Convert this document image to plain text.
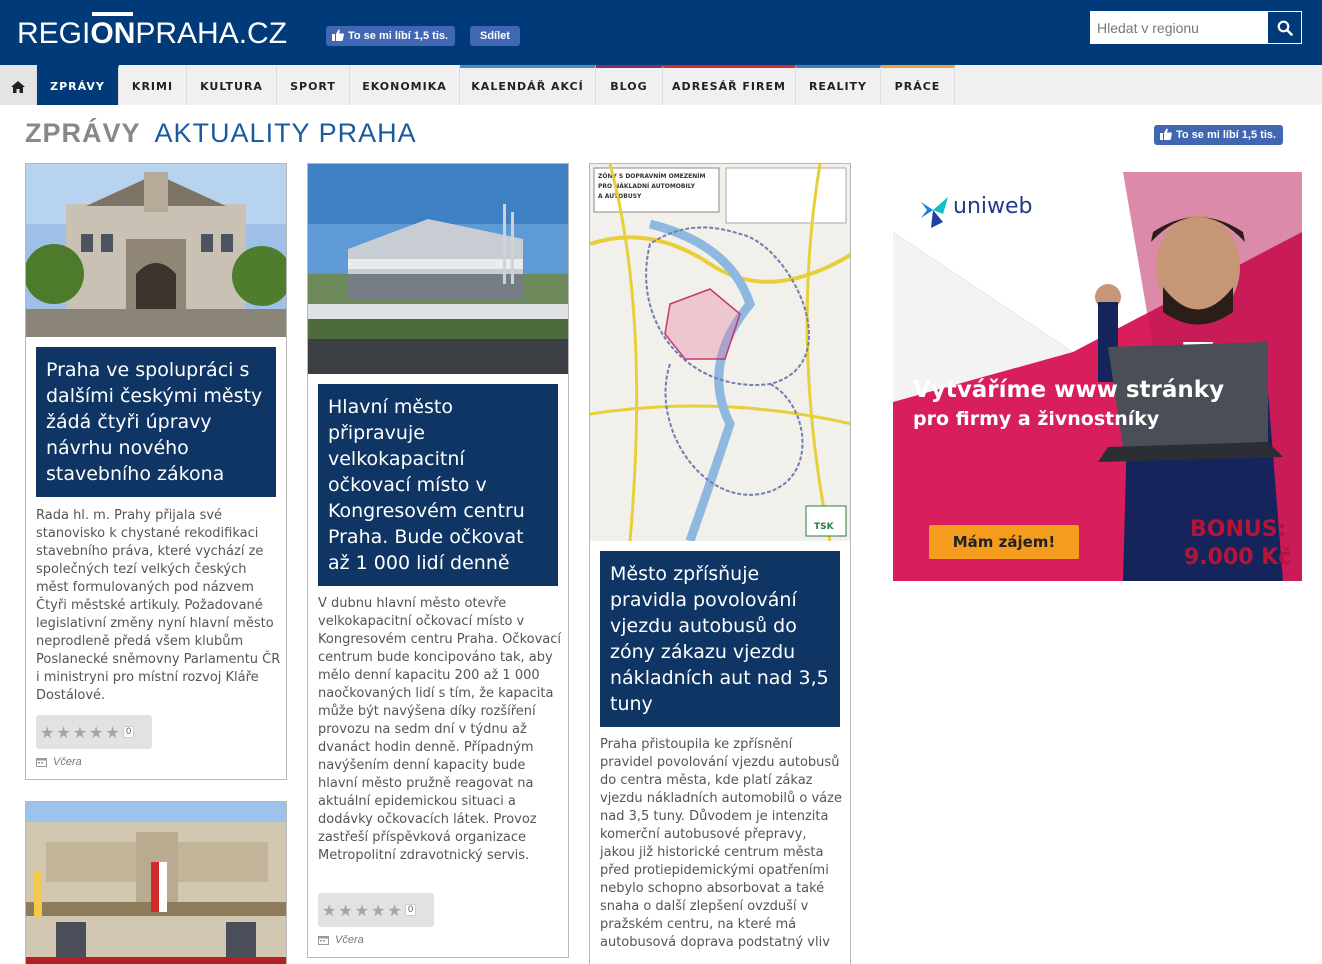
REGIONPRAHA.CZ	To se mi líbí 1,5 tis.	Sdílet
Hledat v regionu
ZPRÁVY	KRIMI	KULTURA	SPORT	EKONOMIKA	KALENDÁŘ AKCÍ	BLOG	ADRESÁŘ FIREM	REALITY	PRÁCE
ZPRÁVY AKTUALITY PRAHA	To se mi líbí 1,5 tis.
Praha ve spolupráci s dalšími českými městy žádá čtyři úpravy návrhu nového stavebního zákona
Rada hl. m. Prahy přijala své stanovisko k chystané rekodifikaci stavebního práva, které vychází ze společných tezí velkých českých měst formulovaných pod názvem Čtyři městské artikuly. Požadované legislativní změny nyní hlavní město neprodleně předá všem klubům Poslanecké sněmovny Parlamentu ČR i ministryni pro místní rozvoj Kláře Dostálové.
★★★★★ 0
Včera
Hlavní město připravuje velkokapacitní očkovací místo v Kongresovém centru Praha. Bude očkovat až 1 000 lidí denně
V dubnu hlavní město otevře velkokapacitní očkovací místo v Kongresovém centru Praha. Očkovací centrum bude koncipováno tak, aby mělo denní kapacitu 200 až 1 000 naočkovaných lidí s tím, že kapacita může být navýšena díky rozšíření provozu na sedm dní v týdnu až dvanáct hodin denně. Případným navýšením denní kapacity bude hlavní město pružně reagovat na aktuální epidemickou situaci a dodávky očkovacích látek. Provoz zastřeší příspěvková organizace Metropolitní zdravotnický servis.
★★★★★ 0
Včera
ZÓNY S DOPRAVNÍM OMEZENÍM
PRO NÁKLADNÍ AUTOMOBILY
A AUTOBUSY
TSK
Město zpřísňuje pravidla povolování vjezdu autobusů do zóny zákazu vjezdu nákladních aut nad 3,5 tuny
Praha přistoupila ke zpřísnění pravidel povolování vjezdu autobusů do centra města, kde platí zákaz vjezdu nákladních automobilů o váze nad 3,5 tuny. Důvodem je intenzita komerční autobusové přepravy, jakou již historické centrum města před protiepidemickými opatřeními nebylo schopno absorbovat a také snaha o další zlepšení ovzduší v pražském centru, na které má autobusová doprava podstatný vliv
uniweb
Vytváříme www stránky
pro firmy a živnostníky
Mám zájem!	BONUS:
9.000 Kč
